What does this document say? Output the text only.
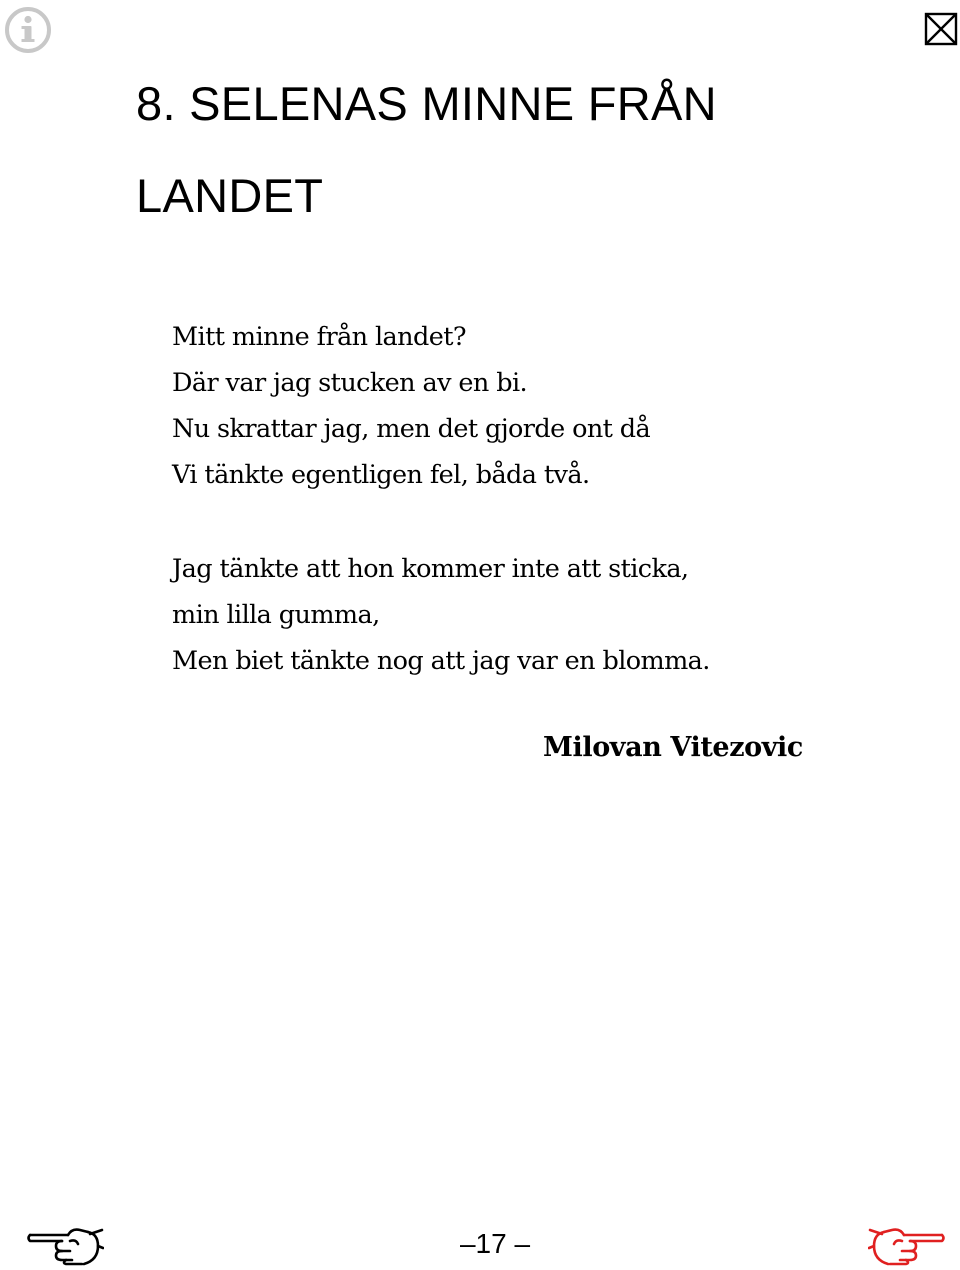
8. SELENAS MINNE FRÅN
LANDET

Mitt minne från landet?
Där var jag stucken av en bi.
Nu skrattar jag, men det gjorde ont då
Vi tänkte egentligen fel, båda två.

Jag tänkte att hon kommer inte att sticka,
min lilla gumma,
Men biet tänkte nog att jag var en blomma.

Milovan Vitezovic
–17 –
